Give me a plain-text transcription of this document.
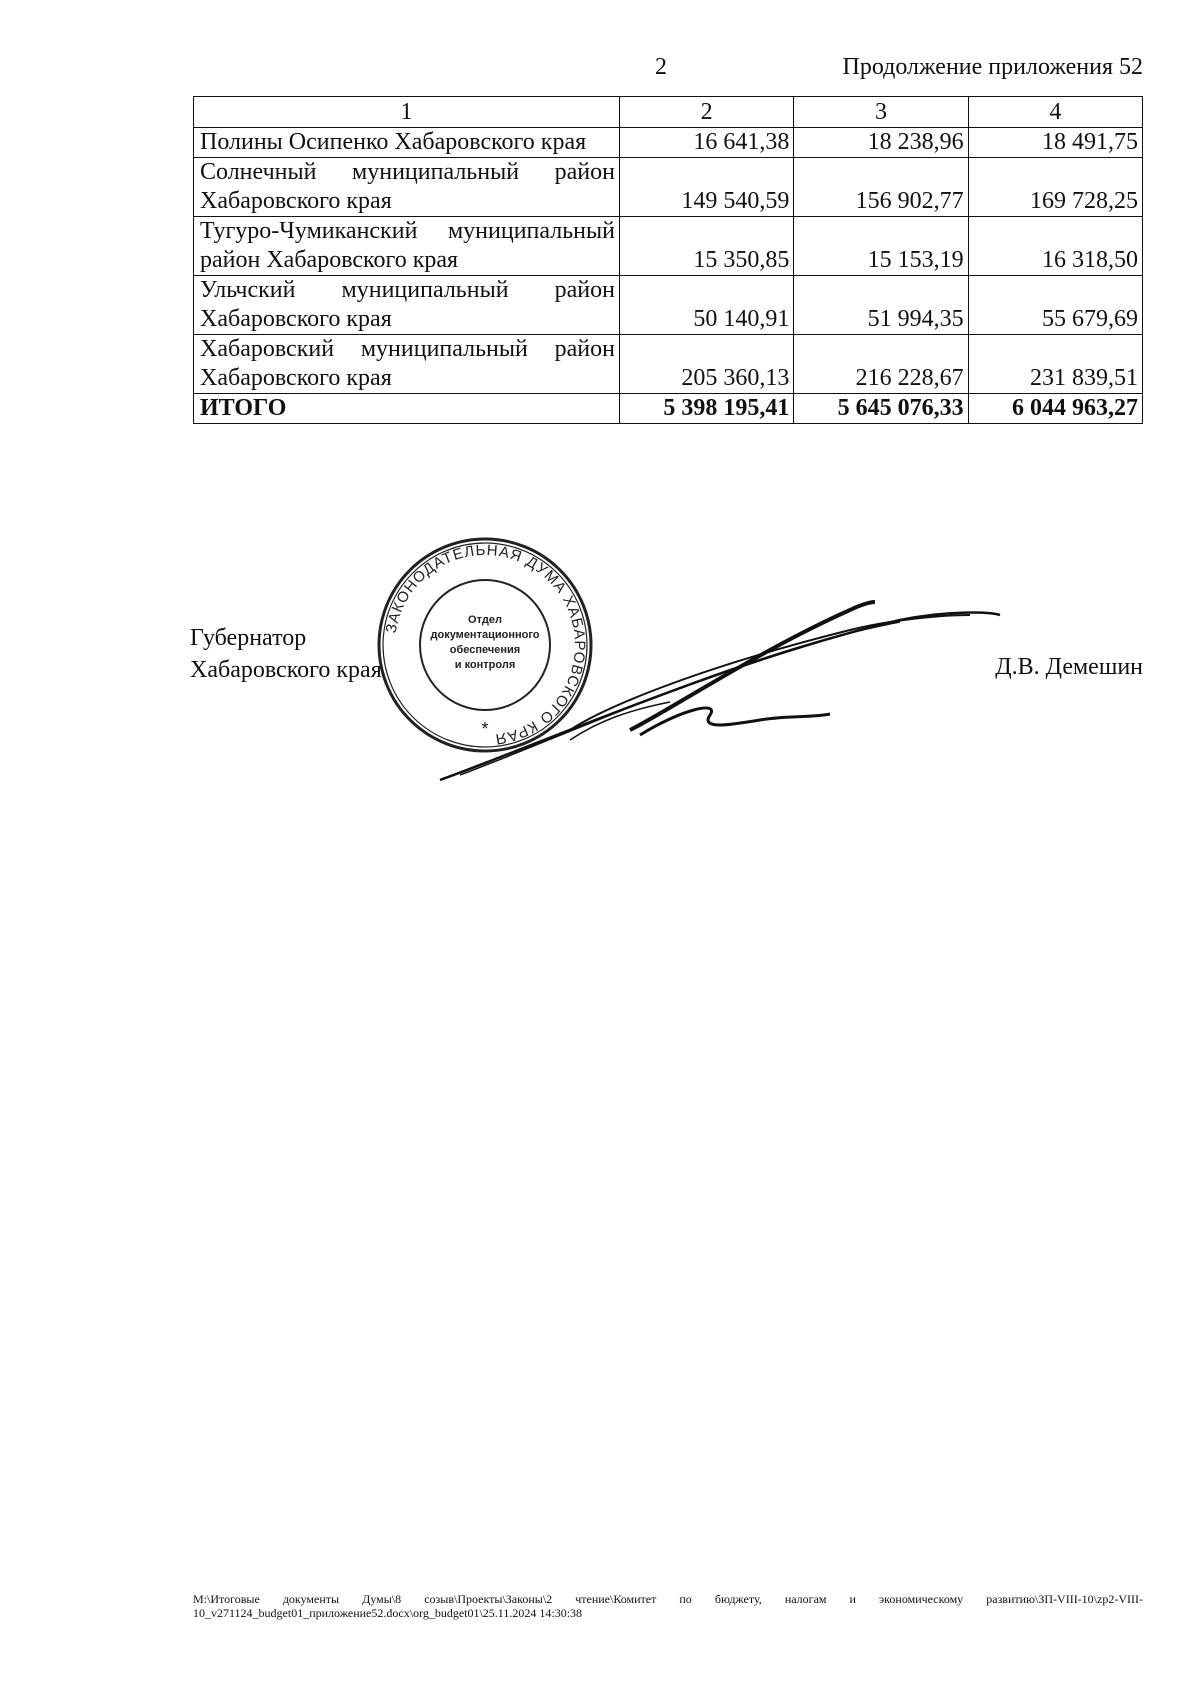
2	Продолжение приложения 52
1	2	3	4
Полины Осипенко Хабаровского края	16 641,38	18 238,96	18 491,75
Солнечный муниципальный район Хабаровского края	149 540,59	156 902,77	169 728,25
Тугуро-Чумиканский муниципальный район Хабаровского края	15 350,85	15 153,19	16 318,50
Ульчский муниципальный район Хабаровского края	50 140,91	51 994,35	55 679,69
Хабаровский муниципальный район Хабаровского края	205 360,13	216 228,67	231 839,51
ИТОГО	5 398 195,41	5 645 076,33	6 044 963,27
Губернатор
Хабаровского края	Д.В. Демешин
ЗАКОНОДАТЕЛЬНАЯ ДУМА ХАБАРОВСКОГО КРАЯ
Отдел
документационного
обеспечения
и контроля
*
М:\Итоговые документы Думы\8 созыв\Проекты\Законы\2 чтение\Комитет по бюджету, налогам и экономическому развитию\ЗП-VIII-10\zp2-VIII-10_v271124_budget01_приложение52.docx\org_budget01\25.11.2024 14:30:38
